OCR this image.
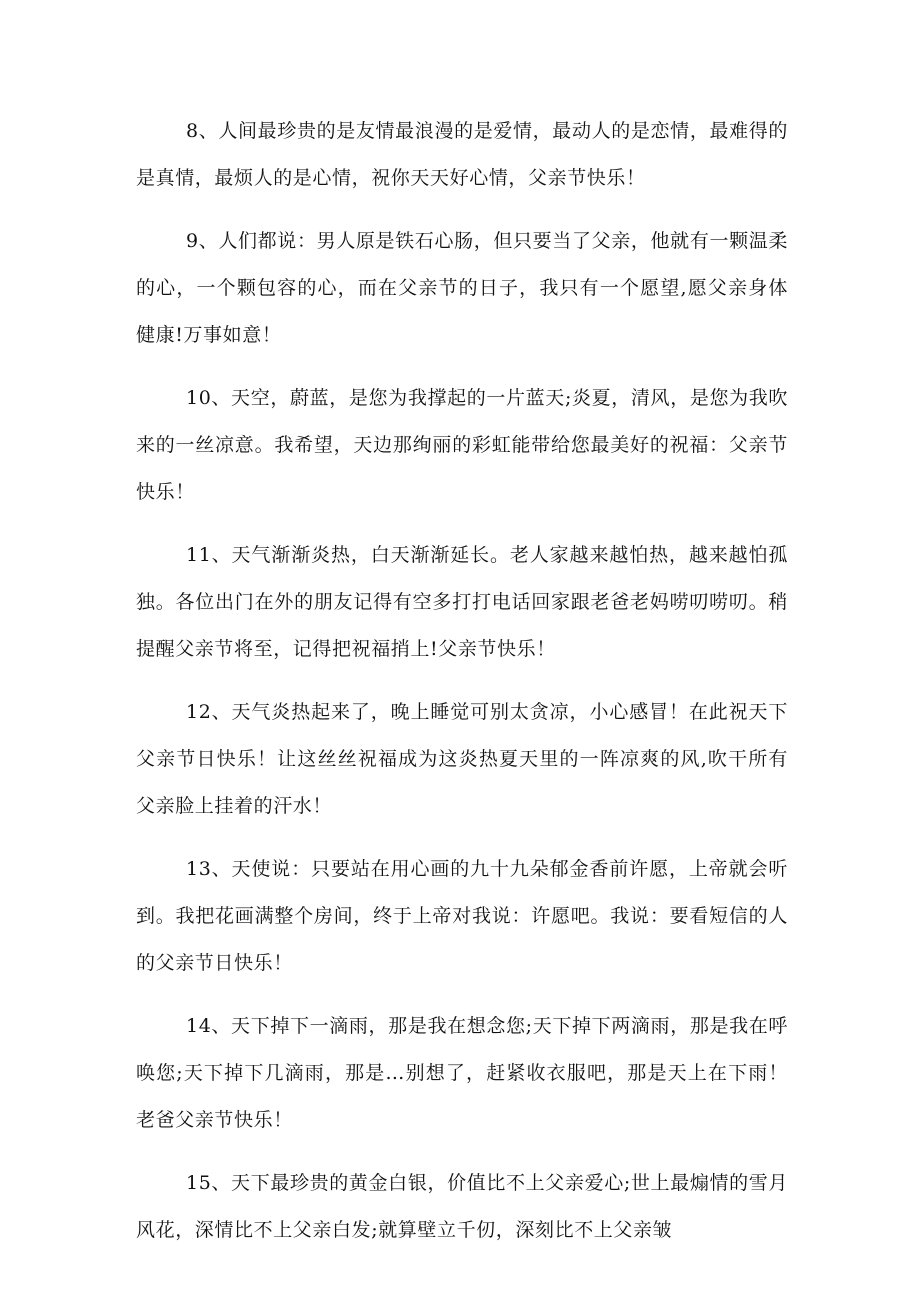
8、人间最珍贵的是友情最浪漫的是爱情，最动人的是恋情，最难得的是真情，最烦人的是心情，祝你天天好心情，父亲节快乐！

9、人们都说：男人原是铁石心肠，但只要当了父亲，他就有一颗温柔的心，一个颗包容的心，而在父亲节的日子，我只有一个愿望,愿父亲身体健康!万事如意！

10、天空，蔚蓝，是您为我撑起的一片蓝天;炎夏，清风，是您为我吹来的一丝凉意。我希望，天边那绚丽的彩虹能带给您最美好的祝福：父亲节快乐！

11、天气渐渐炎热，白天渐渐延长。老人家越来越怕热，越来越怕孤独。各位出门在外的朋友记得有空多打打电话回家跟老爸老妈唠叨唠叨。稍提醒父亲节将至，记得把祝福捎上!父亲节快乐！

12、天气炎热起来了，晚上睡觉可别太贪凉，小心感冒！在此祝天下父亲节日快乐！让这丝丝祝福成为这炎热夏天里的一阵凉爽的风,吹干所有父亲脸上挂着的汗水！

13、天使说：只要站在用心画的九十九朵郁金香前许愿，上帝就会听到。我把花画满整个房间，终于上帝对我说：许愿吧。我说：要看短信的人的父亲节日快乐！

14、天下掉下一滴雨，那是我在想念您;天下掉下两滴雨，那是我在呼唤您;天下掉下几滴雨，那是…别想了，赶紧收衣服吧，那是天上在下雨！老爸父亲节快乐！

15、天下最珍贵的黄金白银，价值比不上父亲爱心;世上最煽情的雪月风花，深情比不上父亲白发;就算壁立千仞，深刻比不上父亲皱
